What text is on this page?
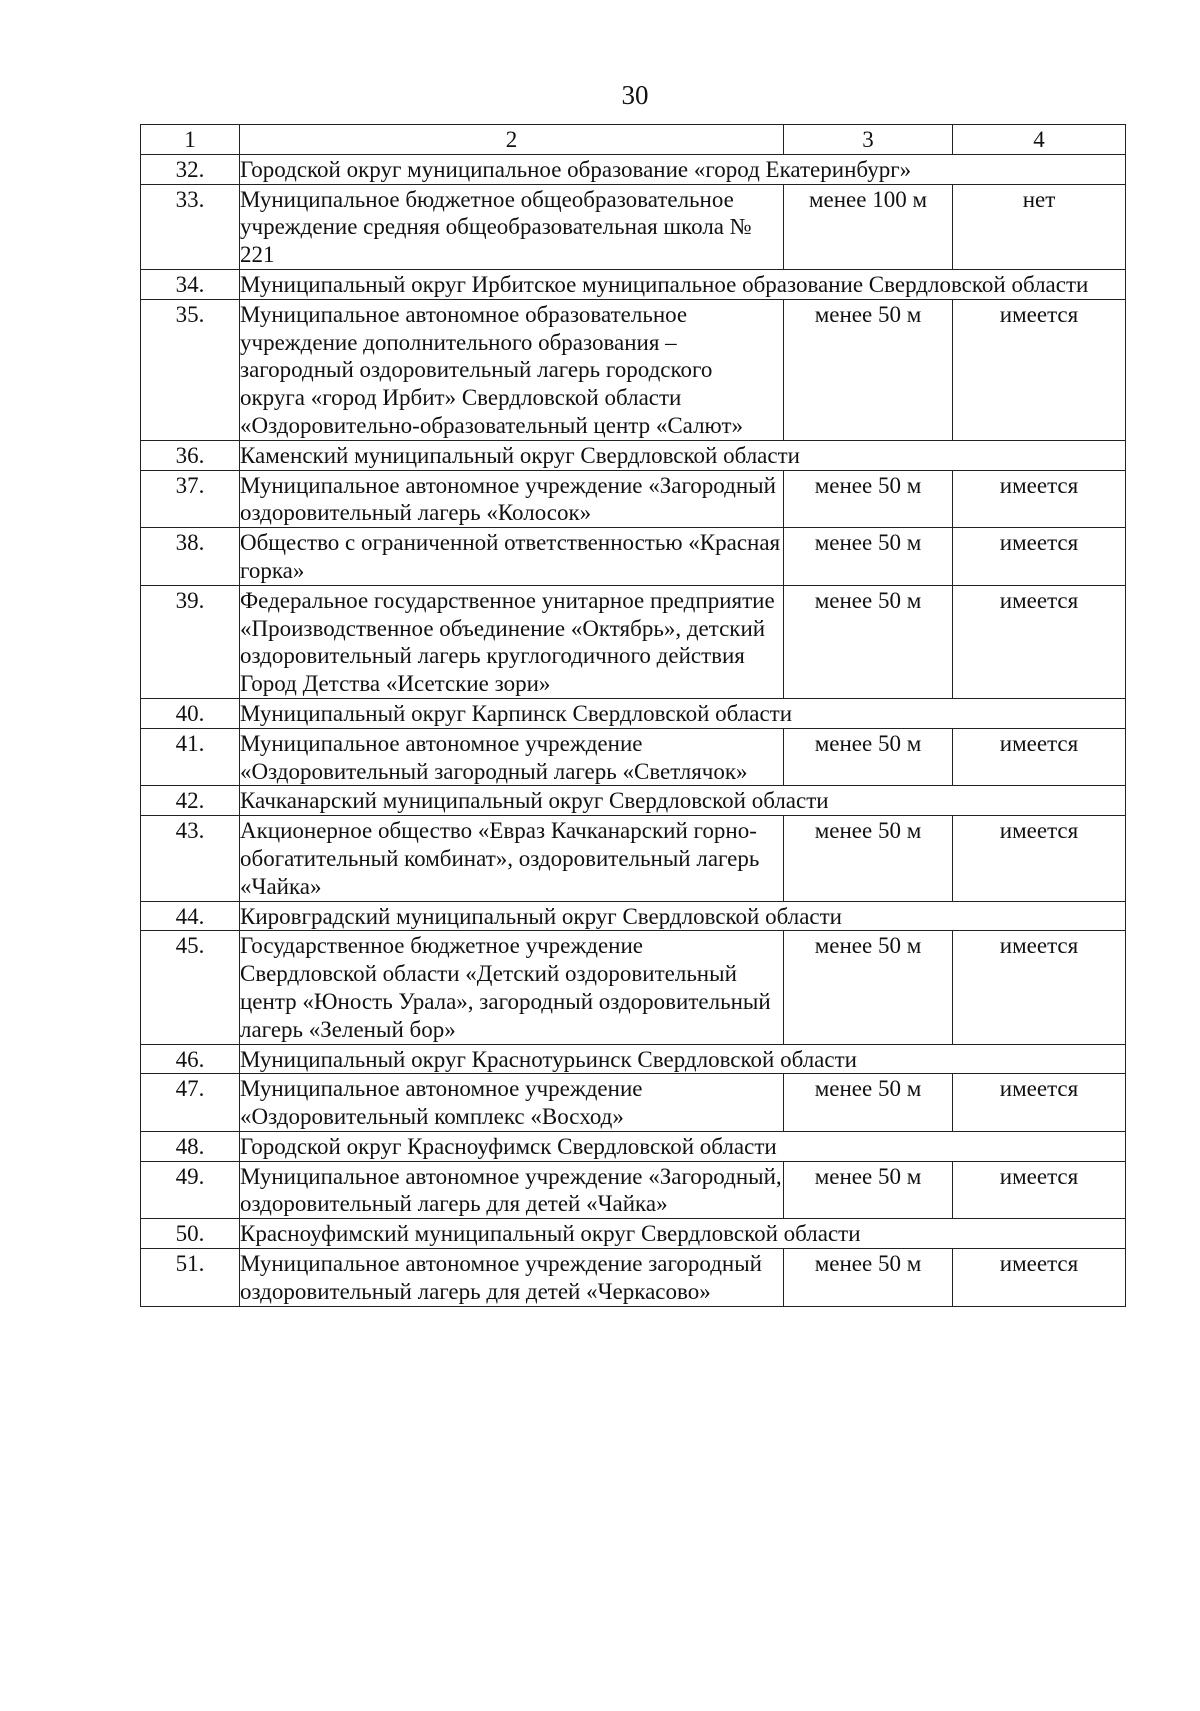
30
1	2	3	4
32.	Городской округ муниципальное образование «город Екатеринбург»		
33.	Муниципальное бюджетное общеобразовательное учреждение средняя общеобразовательная школа № 221	менее 100 м	нет
34.	Муниципальный округ Ирбитское муниципальное образование Свердловской области		
35.	Муниципальное автономное образовательное учреждение дополнительного образования – загородный оздоровительный лагерь городского округа «город Ирбит» Свердловской области «Оздоровительно-образовательный центр «Салют»	менее 50 м	имеется
36.	Каменский муниципальный округ Свердловской области		
37.	Муниципальное автономное учреждение «Загородный оздоровительный лагерь «Колосок»	менее 50 м	имеется
38.	Общество с ограниченной ответственностью «Красная горка»	менее 50 м	имеется
39.	Федеральное государственное унитарное предприятие «Производственное объединение «Октябрь», детский оздоровительный лагерь круглогодичного действия Город Детства «Исетские зори»	менее 50 м	имеется
40.	Муниципальный округ Карпинск Свердловской области		
41.	Муниципальное автономное учреждение «Оздоровительный загородный лагерь «Светлячок»	менее 50 м	имеется
42.	Качканарский муниципальный округ Свердловской области		
43.	Акционерное общество «Евраз Качканарский горно-обогатительный комбинат», оздоровительный лагерь «Чайка»	менее 50 м	имеется
44.	Кировградский муниципальный округ Свердловской области		
45.	Государственное бюджетное учреждение Свердловской области «Детский оздоровительный центр «Юность Урала», загородный оздоровительный лагерь «Зеленый бор»	менее 50 м	имеется
46.	Муниципальный округ Краснотурьинск Свердловской области		
47.	Муниципальное автономное учреждение «Оздоровительный комплекс «Восход»	менее 50 м	имеется
48.	Городской округ Красноуфимск Свердловской области		
49.	Муниципальное автономное учреждение «Загородный, оздоровительный лагерь для детей «Чайка»	менее 50 м	имеется
50.	Красноуфимский муниципальный округ Свердловской области		
51.	Муниципальное автономное учреждение загородный оздоровительный лагерь для детей «Черкасово»	менее 50 м	имеется
